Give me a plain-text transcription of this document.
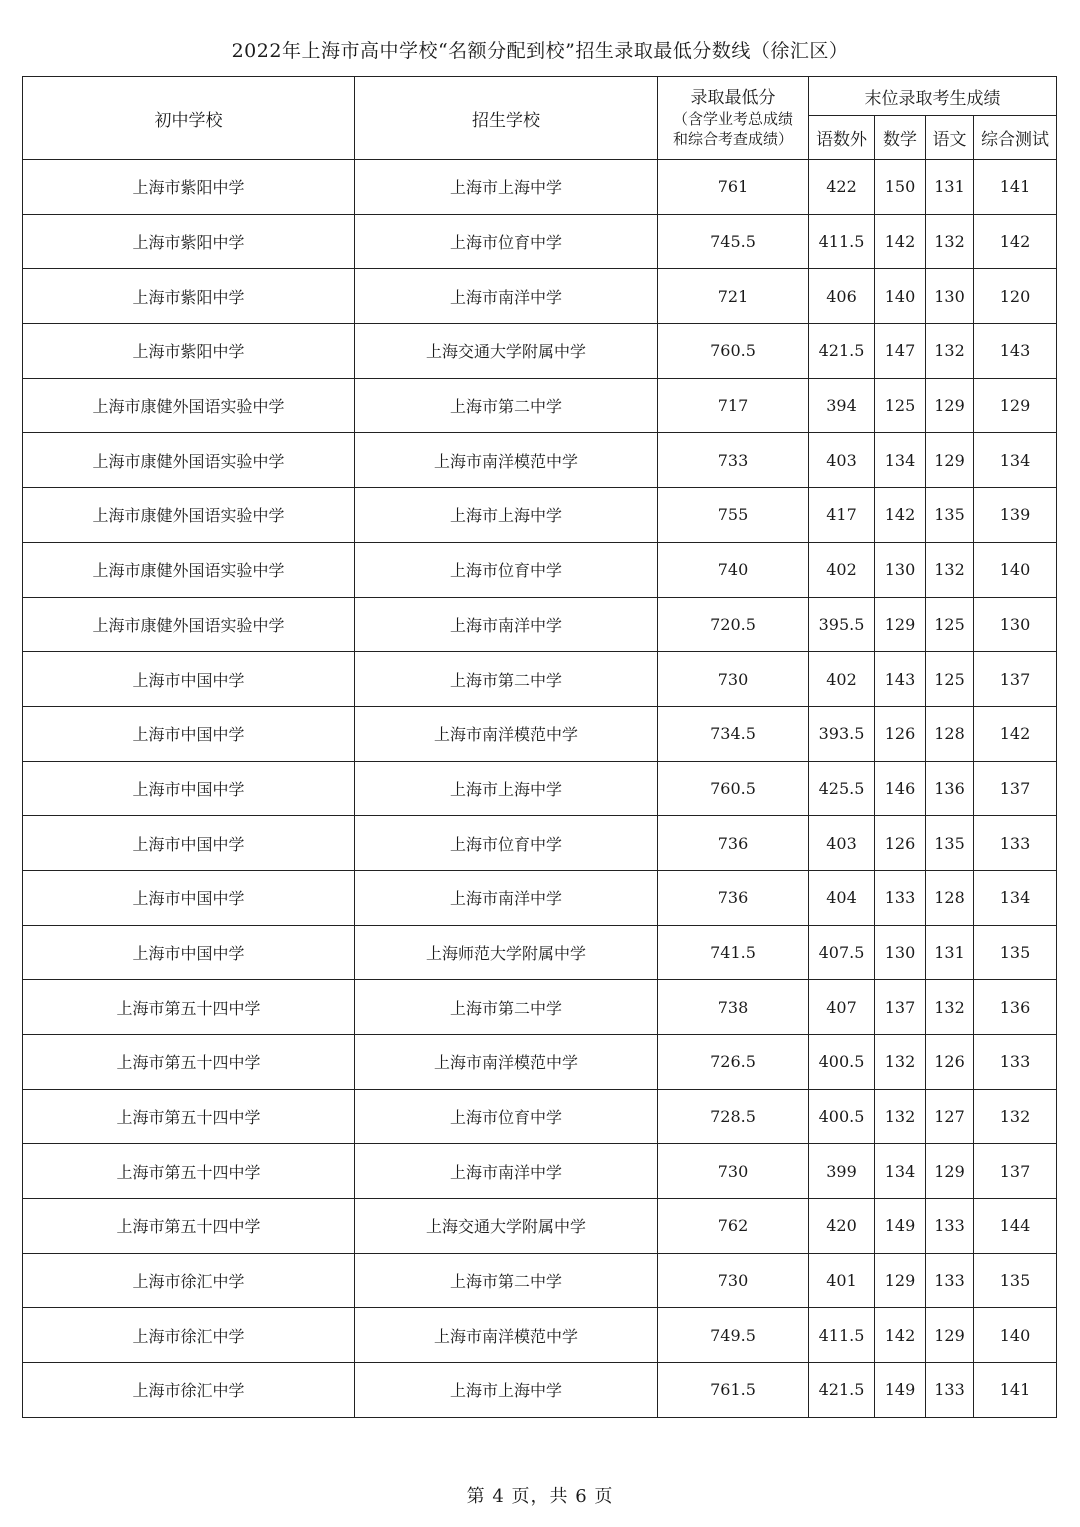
2022年上海市高中学校“名额分配到校”招生录取最低分数线（徐汇区）
初中学校	招生学校	录取最低分
（含学业考总成绩
和综合考查成绩）	末位录取考生成绩			
			语数外	数学	语文	综合测试
上海市紫阳中学	上海市上海中学	761	422	150	131	141
上海市紫阳中学	上海市位育中学	745.5	411.5	142	132	142
上海市紫阳中学	上海市南洋中学	721	406	140	130	120
上海市紫阳中学	上海交通大学附属中学	760.5	421.5	147	132	143
上海市康健外国语实验中学	上海市第二中学	717	394	125	129	129
上海市康健外国语实验中学	上海市南洋模范中学	733	403	134	129	134
上海市康健外国语实验中学	上海市上海中学	755	417	142	135	139
上海市康健外国语实验中学	上海市位育中学	740	402	130	132	140
上海市康健外国语实验中学	上海市南洋中学	720.5	395.5	129	125	130
上海市中国中学	上海市第二中学	730	402	143	125	137
上海市中国中学	上海市南洋模范中学	734.5	393.5	126	128	142
上海市中国中学	上海市上海中学	760.5	425.5	146	136	137
上海市中国中学	上海市位育中学	736	403	126	135	133
上海市中国中学	上海市南洋中学	736	404	133	128	134
上海市中国中学	上海师范大学附属中学	741.5	407.5	130	131	135
上海市第五十四中学	上海市第二中学	738	407	137	132	136
上海市第五十四中学	上海市南洋模范中学	726.5	400.5	132	126	133
上海市第五十四中学	上海市位育中学	728.5	400.5	132	127	132
上海市第五十四中学	上海市南洋中学	730	399	134	129	137
上海市第五十四中学	上海交通大学附属中学	762	420	149	133	144
上海市徐汇中学	上海市第二中学	730	401	129	133	135
上海市徐汇中学	上海市南洋模范中学	749.5	411.5	142	129	140
上海市徐汇中学	上海市上海中学	761.5	421.5	149	133	141
第 4 页，共 6 页
